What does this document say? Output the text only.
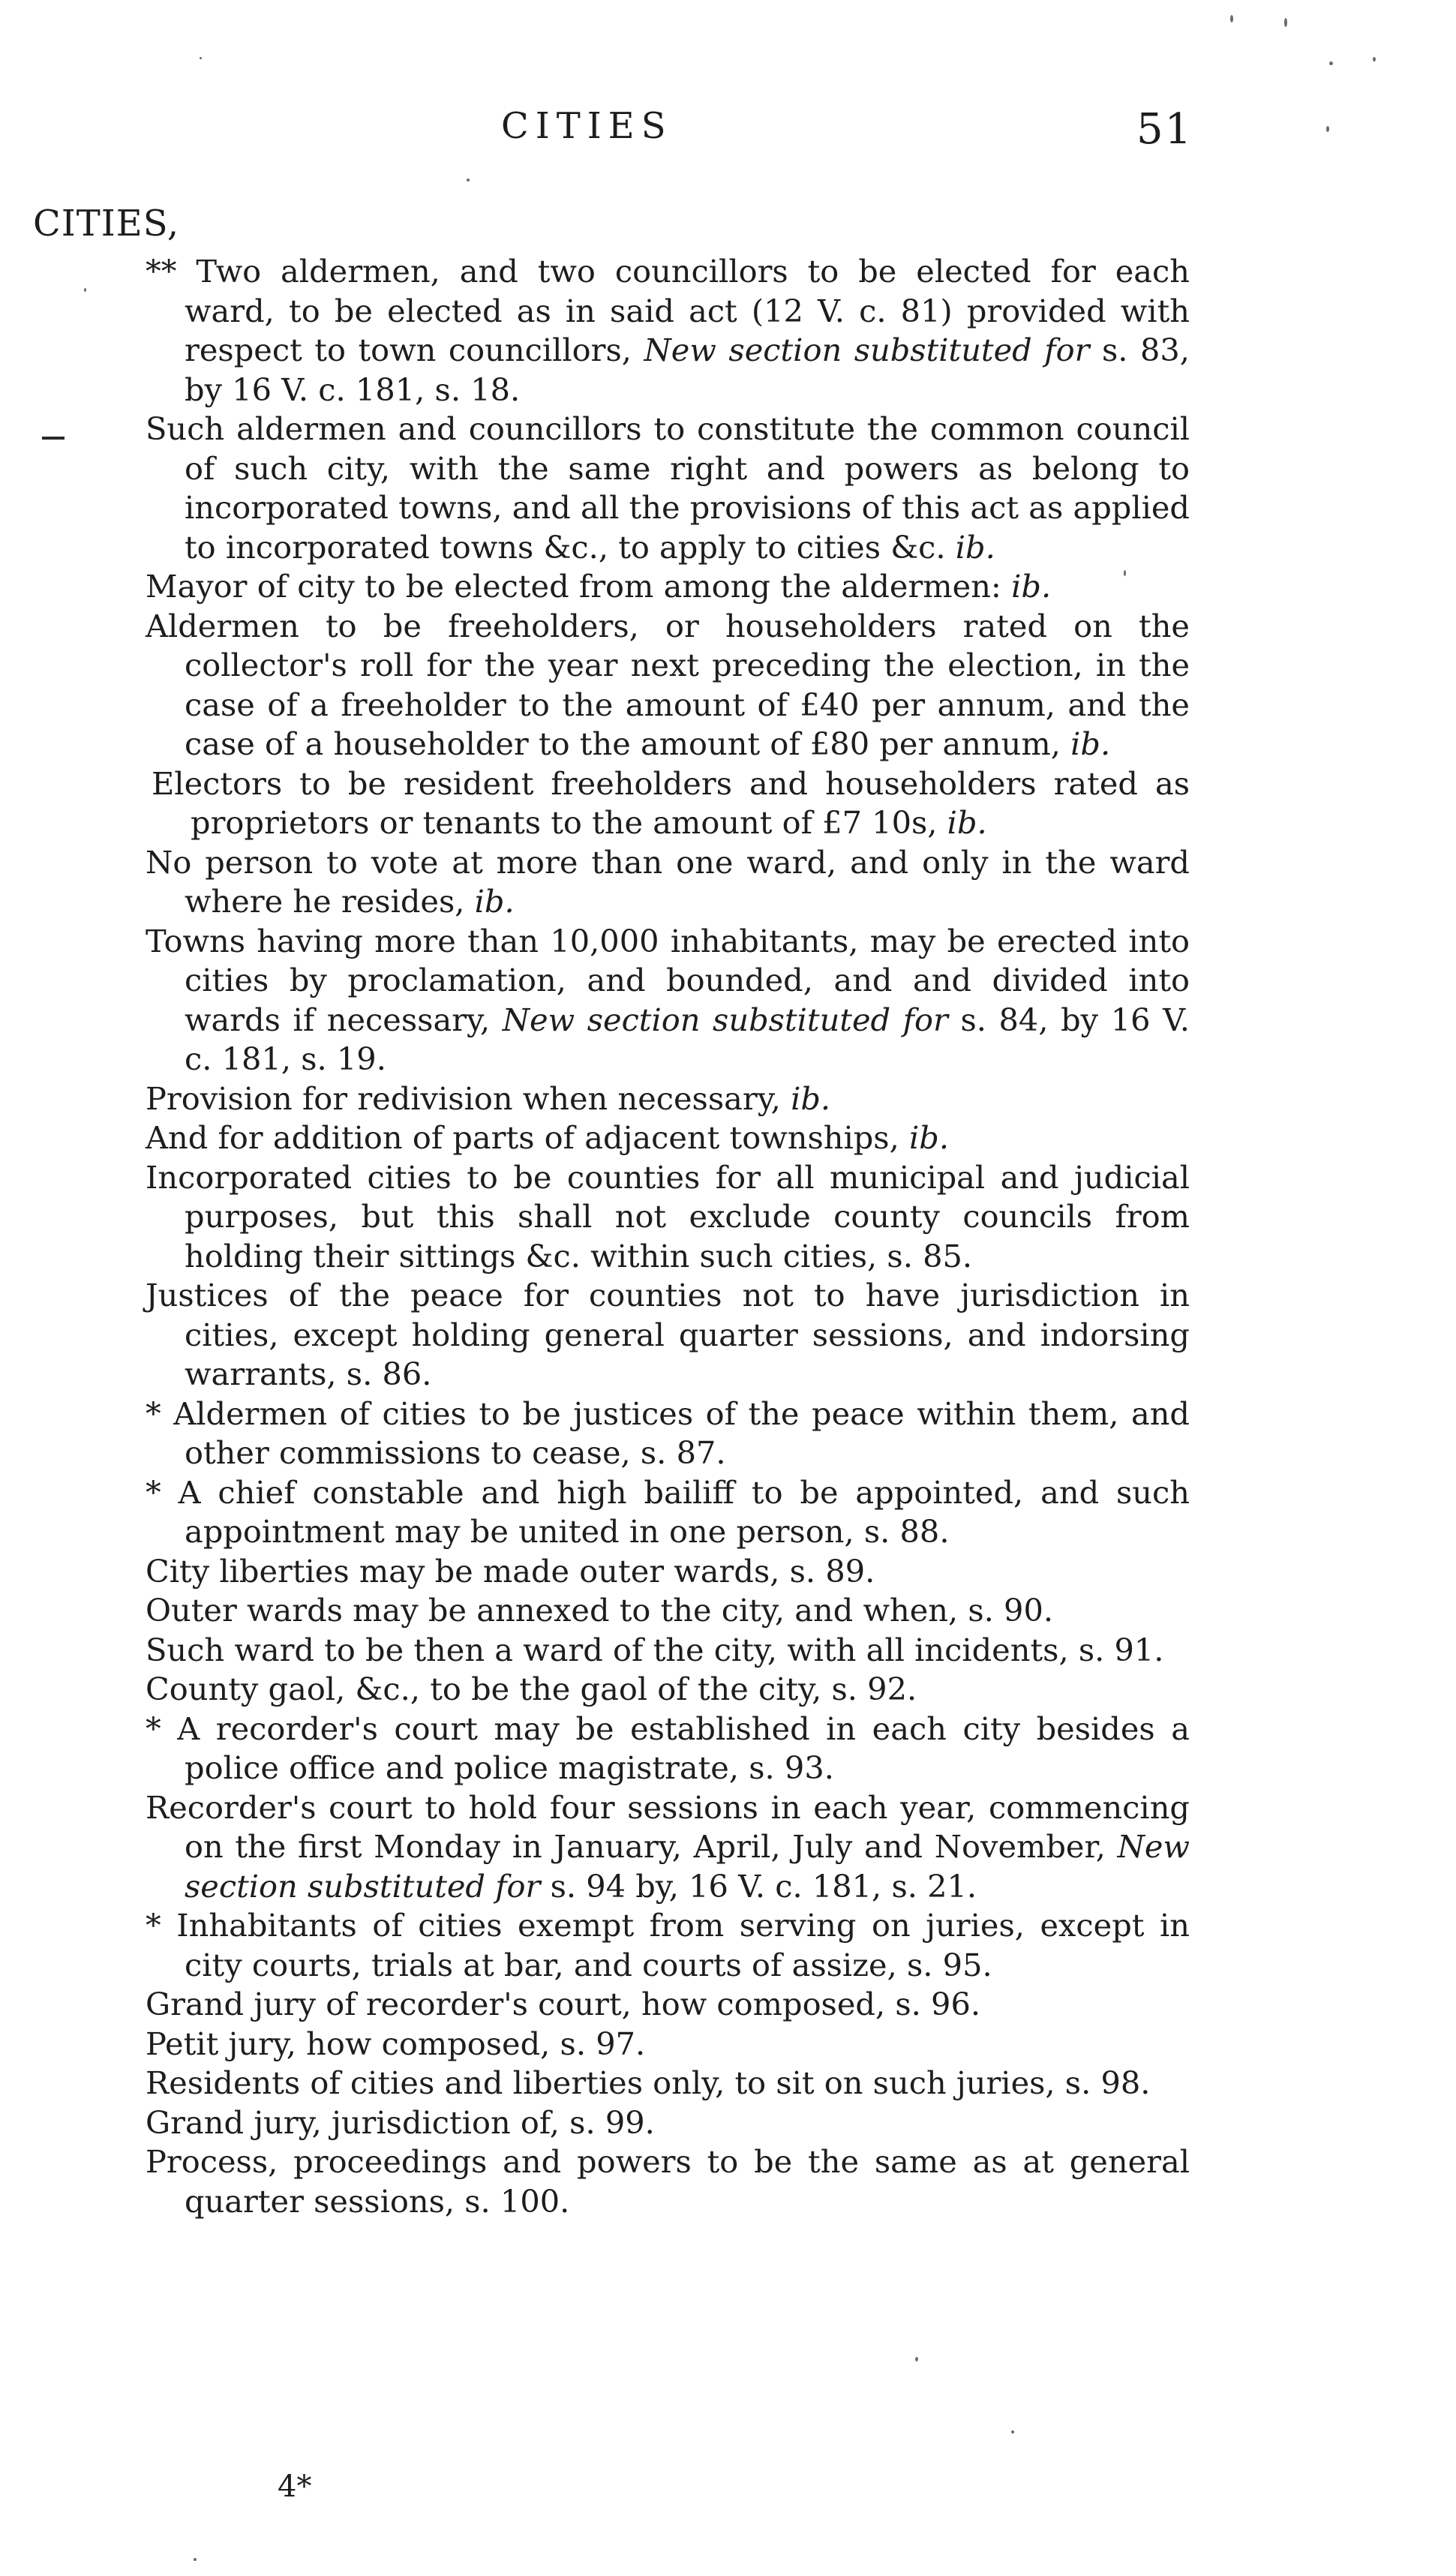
CITIES	51
CITIES,
** Two aldermen, and two councillors to be elected for each ward, to be elected as in said act (12 V. c. 81) provided with respect to town councillors, New section substituted for s. 83, by 16 V. c. 181, s. 18.
Such aldermen and councillors to constitute the common council of such city, with the same right and powers as belong to incorporated towns, and all the provisions of this act as applied to incorporated towns &c., to apply to cities &c. ib.
Mayor of city to be elected from among the aldermen: ib.
Aldermen to be freeholders, or householders rated on the collector's roll for the year next preceding the election, in the case of a freeholder to the amount of £40 per annum, and the case of a householder to the amount of £80 per annum, ib.
Electors to be resident freeholders and householders rated as proprietors or tenants to the amount of £7 10s, ib.
No person to vote at more than one ward, and only in the ward where he resides, ib.
Towns having more than 10,000 inhabitants, may be erected into cities by proclamation, and bounded, and and divided into wards if necessary, New section substituted for s. 84, by 16 V. c. 181, s. 19.
Provision for redivision when necessary, ib.
And for addition of parts of adjacent townships, ib.
Incorporated cities to be counties for all municipal and judicial purposes, but this shall not exclude county councils from holding their sittings &c. within such cities, s. 85.
Justices of the peace for counties not to have jurisdiction in cities, except holding general quarter sessions, and indorsing warrants, s. 86.
* Aldermen of cities to be justices of the peace within them, and other commissions to cease, s. 87.
* A chief constable and high bailiff to be appointed, and such appointment may be united in one person, s. 88.
City liberties may be made outer wards, s. 89.
Outer wards may be annexed to the city, and when, s. 90.
Such ward to be then a ward of the city, with all incidents, s. 91.
County gaol, &c., to be the gaol of the city, s. 92.
* A recorder's court may be established in each city besides a police office and police magistrate, s. 93.
Recorder's court to hold four sessions in each year, commencing on the first Monday in January, April, July and November, New section substituted for s. 94 by, 16 V. c. 181, s. 21.
* Inhabitants of cities exempt from serving on juries, except in city courts, trials at bar, and courts of assize, s. 95.
Grand jury of recorder's court, how composed, s. 96.
Petit jury, how composed, s. 97.
Residents of cities and liberties only, to sit on such juries, s. 98.
Grand jury, jurisdiction of, s. 99.
Process, proceedings and powers to be the same as at general quarter sessions, s. 100.
4*
